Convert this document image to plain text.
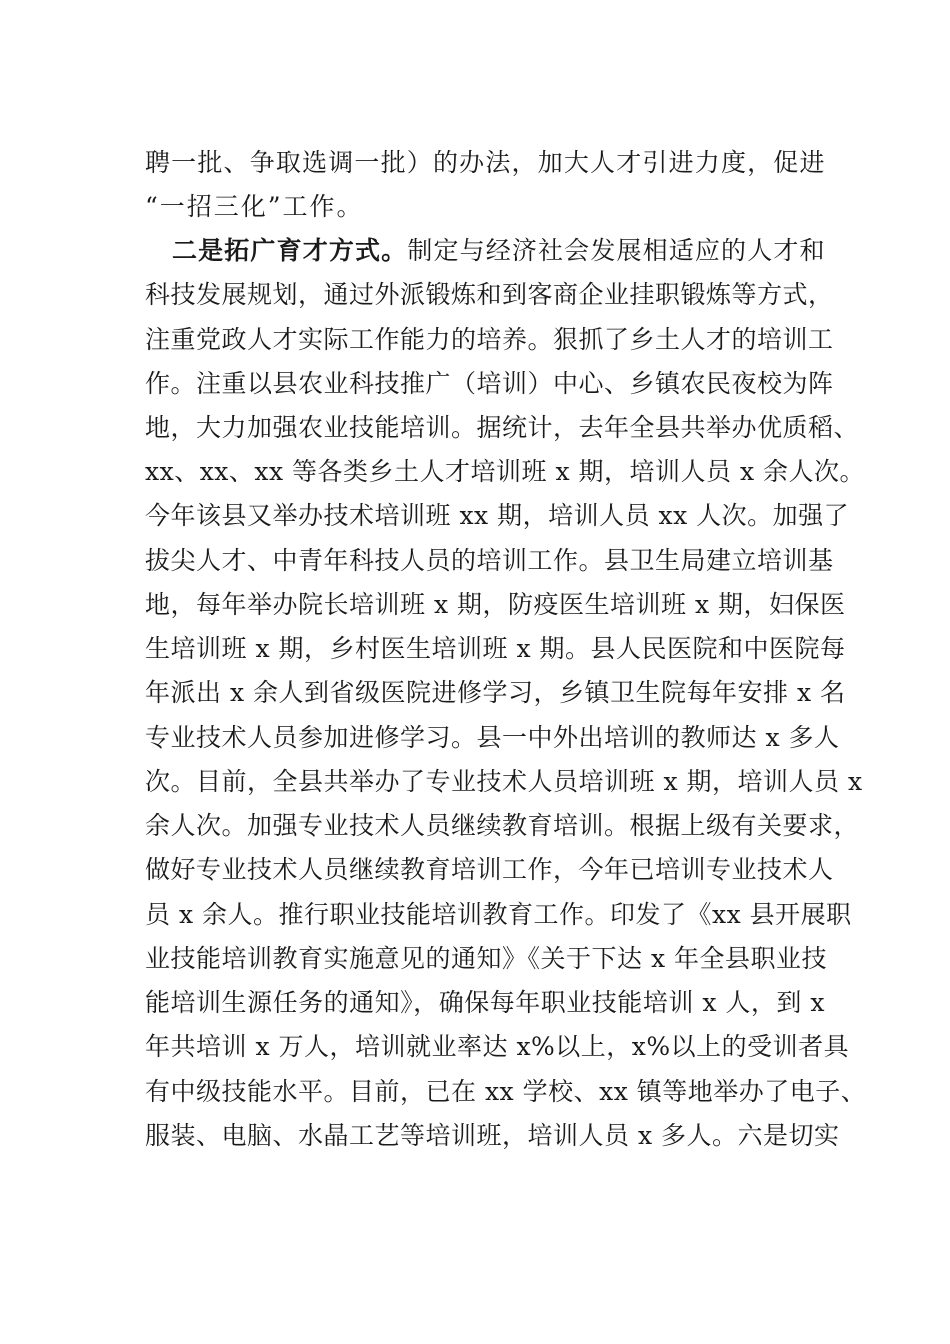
聘一批、争取选调一批）的办法，加大人才引进力度，促进
“一招三化”工作。
二是拓广育才方式。制定与经济社会发展相适应的人才和
科技发展规划，通过外派锻炼和到客商企业挂职锻炼等方式，
注重党政人才实际工作能力的培养。狠抓了乡土人才的培训工
作。注重以县农业科技推广（培训）中心、乡镇农民夜校为阵
地，大力加强农业技能培训。据统计，去年全县共举办优质稻、
xx、xx、xx 等各类乡土人才培训班 x 期，培训人员 x 余人次。
今年该县又举办技术培训班 xx 期，培训人员 xx 人次。加强了
拔尖人才、中青年科技人员的培训工作。县卫生局建立培训基
地，每年举办院长培训班 x 期，防疫医生培训班 x 期，妇保医
生培训班 x 期，乡村医生培训班 x 期。县人民医院和中医院每
年派出 x 余人到省级医院进修学习，乡镇卫生院每年安排 x 名
专业技术人员参加进修学习。县一中外出培训的教师达 x 多人
次。目前，全县共举办了专业技术人员培训班 x 期，培训人员 x
余人次。加强专业技术人员继续教育培训。根据上级有关要求，
做好专业技术人员继续教育培训工作，今年已培训专业技术人
员 x 余人。推行职业技能培训教育工作。印发了《xx 县开展职
业技能培训教育实施意见的通知》《关于下达 x 年全县职业技
能培训生源任务的通知》，确保每年职业技能培训 x 人，到 x
年共培训 x 万人，培训就业率达 x%以上，x%以上的受训者具
有中级技能水平。目前，已在 xx 学校、xx 镇等地举办了电子、
服装、电脑、水晶工艺等培训班，培训人员 x 多人。六是切实
